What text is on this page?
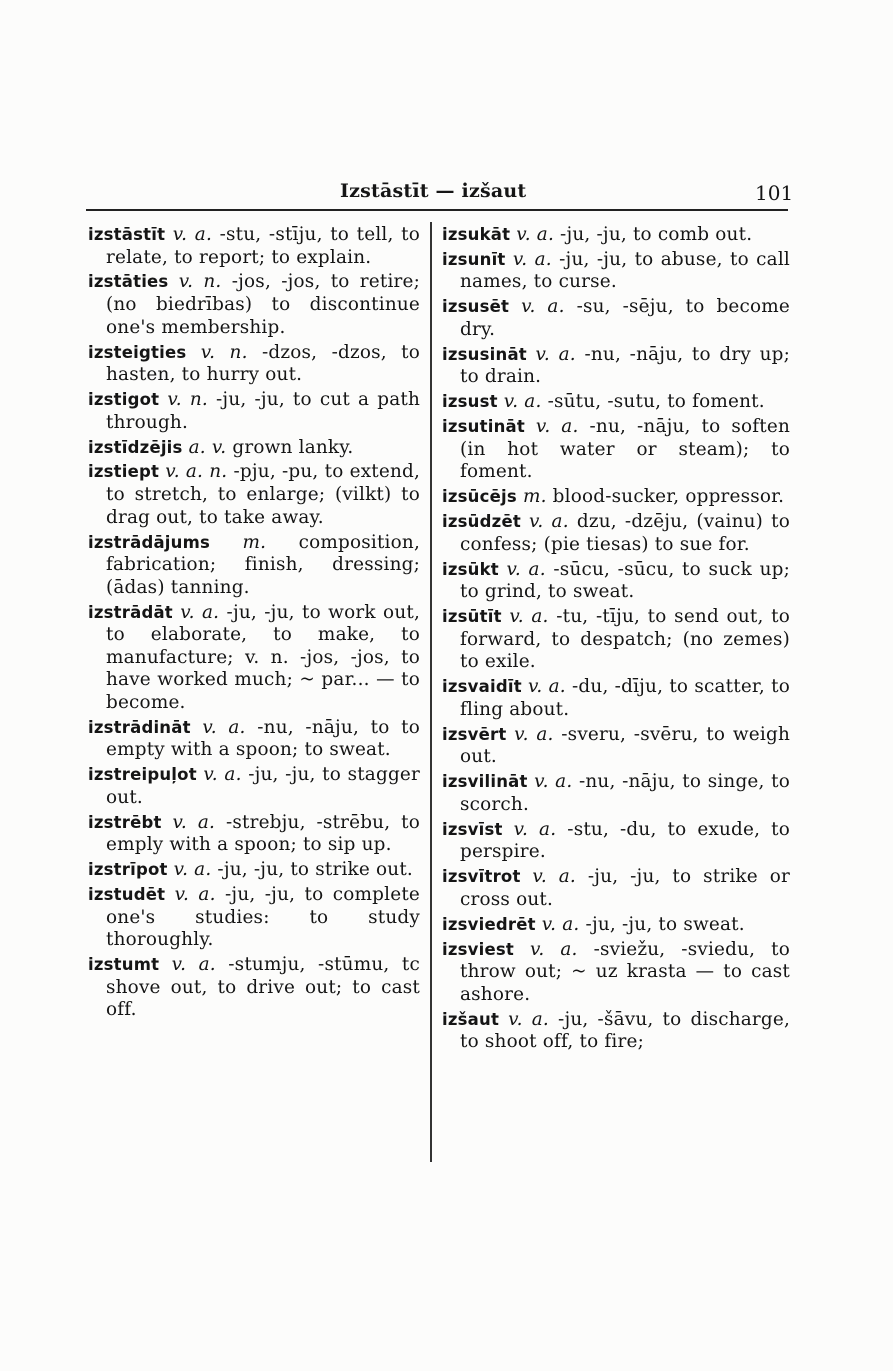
Izstāstīt — izšaut	101

izstāstīt v. a. -stu, -stīju, to tell, to relate, to report; to explain.

izstāties v. n. -jos, -jos, to retire; (no biedrības) to discontinue one's membership.

izsteigties v. n. -dzos, -dzos, to hasten, to hurry out.

izstigot v. n. -ju, -ju, to cut a path through.

izstīdzējis a. v. grown lanky.

izstiept v. a. n. -pju, -pu, to extend, to stretch, to enlarge; (vilkt) to drag out, to take away.

izstrādājums m. composition, fabrication; finish, dressing; (ādas) tanning.

izstrādāt v. a. -ju, -ju, to work out, to elaborate, to make, to manufacture; v. n. -jos, -jos, to have worked much; ~ par... — to become.

izstrādināt v. a. -nu, -nāju, to to empty with a spoon; to sweat.

izstreipuļot v. a. -ju, -ju, to stagger out.

izstrēbt v. a. -strebju, -strēbu, to emply with a spoon; to sip up.

izstrīpot v. a. -ju, -ju, to strike out.

izstudēt v. a. -ju, -ju, to complete one's studies: to study thoroughly.

izstumt v. a. -stumju, -stūmu, tc shove out, to drive out; to cast off.

izsukāt v. a. -ju, -ju, to comb out.

izsunīt v. a. -ju, -ju, to abuse, to call names, to curse.

izsusēt v. a. -su, -sēju, to become dry.

izsusināt v. a. -nu, -nāju, to dry up; to drain.

izsust v. a. -sūtu, -sutu, to foment.

izsutināt v. a. -nu, -nāju, to soften (in hot water or steam); to foment.

izsūcējs m. blood-sucker, oppressor.

izsūdzēt v. a. dzu, -dzēju, (vainu) to confess; (pie tiesas) to sue for.

izsūkt v. a. -sūcu, -sūcu, to suck up; to grind, to sweat.

izsūtīt v. a. -tu, -tīju, to send out, to forward, to despatch; (no zemes) to exile.

izsvaidīt v. a. -du, -dīju, to scatter, to fling about.

izsvērt v. a. -sveru, -svēru, to weigh out.

izsvilināt v. a. -nu, -nāju, to singe, to scorch.

izsvīst v. a. -stu, -du, to exude, to perspire.

izsvītrot v. a. -ju, -ju, to strike or cross out.

izsviedrēt v. a. -ju, -ju, to sweat.

izsviest v. a. -sviežu, -sviedu, to throw out; ~ uz krasta — to cast ashore.

izšaut v. a. -ju, -šāvu, to discharge, to shoot off, to fire;
